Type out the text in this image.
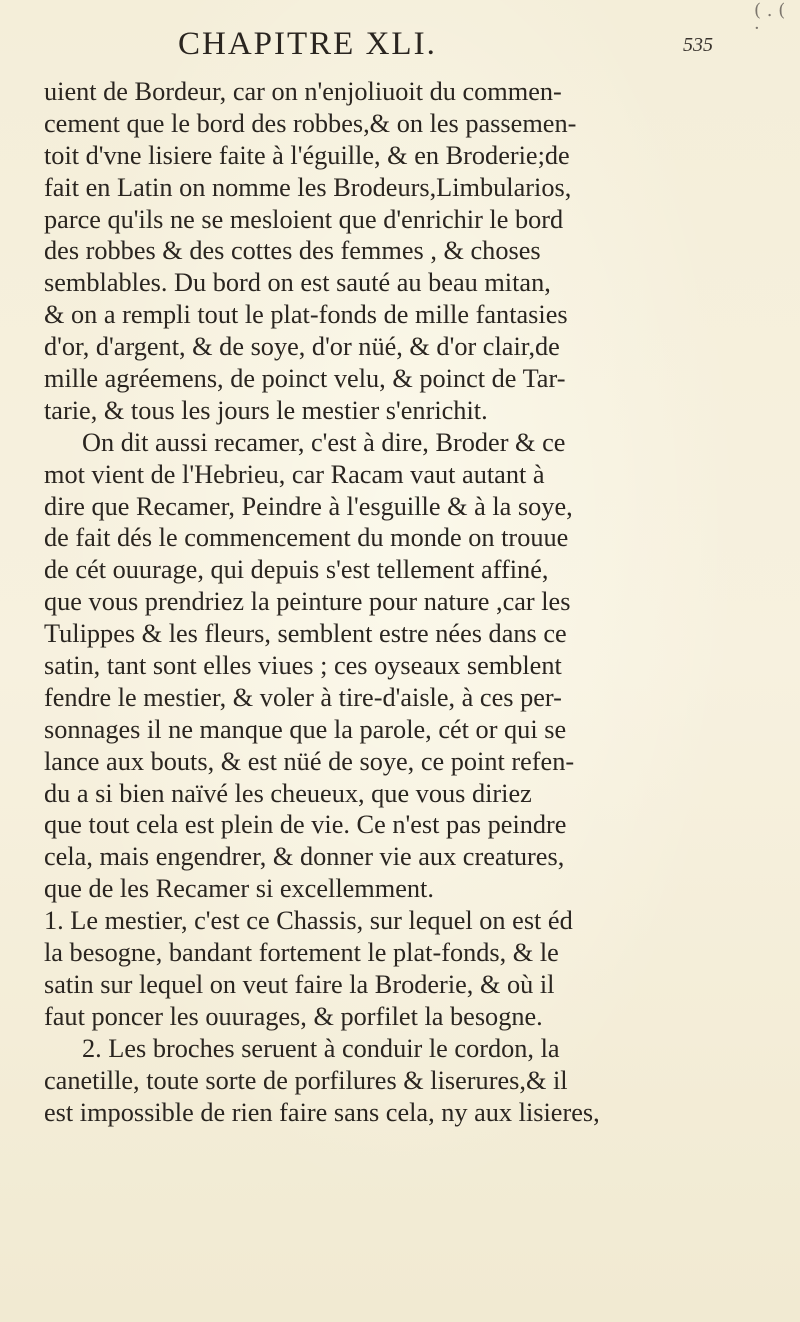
( . ( ·
CHAPITRE XLI.	535
uient de Bordeur, car on n'enjoliuoit du commen-
cement que le bord des robbes,& on les passemen-
toit d'vne lisiere faite à l'éguille, & en Broderie;de
fait en Latin on nomme les Brodeurs,Limbularios,
parce qu'ils ne se mesloient que d'enrichir le bord
des robbes & des cottes des femmes , & choses
semblables. Du bord on est sauté au beau mitan,
& on a rempli tout le plat-fonds de mille fantasies
d'or, d'argent, & de soye, d'or nüé, & d'or clair,de
mille agréemens, de poinct velu, & poinct de Tar-
tarie, & tous les jours le mestier s'enrichit.
On dit aussi recamer, c'est à dire, Broder & ce
mot vient de l'Hebrieu, car Racam vaut autant à
dire que Recamer, Peindre à l'esguille & à la soye,
de fait dés le commencement du monde on trouue
de cét ouurage, qui depuis s'est tellement affiné,
que vous prendriez la peinture pour nature ,car les
Tulippes & les fleurs, semblent estre nées dans ce
satin, tant sont elles viues ; ces oyseaux semblent
fendre le mestier, & voler à tire-d'aisle, à ces per-
sonnages il ne manque que la parole, cét or qui se
lance aux bouts, & est nüé de soye, ce point refen-
du a si bien naïvé les cheueux, que vous diriez
que tout cela est plein de vie. Ce n'est pas peindre
cela, mais engendrer, & donner vie aux creatures,
que de les Recamer si excellemment.
1. Le mestier, c'est ce Chassis, sur lequel on est éd
la besogne, bandant fortement le plat-fonds, & le
satin sur lequel on veut faire la Broderie, & où il
faut poncer les ouurages, & porfilet la besogne.
2. Les broches seruent à conduir le cordon, la
canetille, toute sorte de porfilures & liserures,& il
est impossible de rien faire sans cela, ny aux lisieres,
